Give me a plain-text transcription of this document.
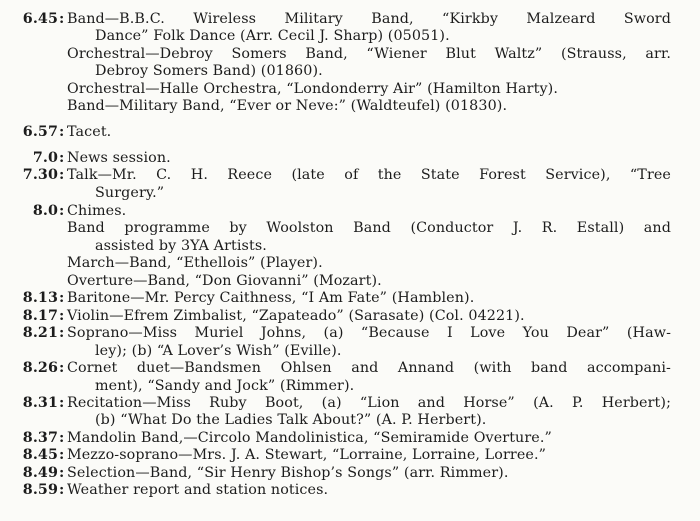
6.45 : Band—B.B.C. Wireless Military Band, “Kirkby Malzeard Sword
Dance” Folk Dance (Arr. Cecil J. Sharp) (05051).
Orchestral—Debroy Somers Band, “Wiener Blut Waltz” (Strauss, arr.
Debroy Somers Band) (01860).
Orchestral—Halle Orchestra, “Londonderry Air” (Hamilton Harty).
Band—Military Band, “Ever or Neve:” (Waldteufel) (01830).
6.57 : Tacet.
7.0 : News session.
7.30 : Talk—Mr. C. H. Reece (late of the State Forest Service), “Tree
Surgery.”
8.0 : Chimes.
Band programme by Woolston Band (Conductor J. R. Estall) and
assisted by 3YA Artists.
March—Band, “Ethellois” (Player).
Overture—Band, “Don Giovanni” (Mozart).
8.13 : Baritone—Mr. Percy Caithness, “I Am Fate” (Hamblen).
8.17 : Violin—Efrem Zimbalist, “Zapateado” (Sarasate) (Col. 04221).
8.21 : Soprano—Miss Muriel Johns, (a) “Because I Love You Dear” (Haw-
ley); (b) “A Lover’s Wish” (Eville).
8.26 : Cornet duet—Bandsmen Ohlsen and Annand (with band accompani-
ment), “Sandy and Jock” (Rimmer).
8.31 : Recitation—Miss Ruby Boot, (a) “Lion and Horse” (A. P. Herbert);
(b) “What Do the Ladies Talk About?” (A. P. Herbert).
8.37 : Mandolin Band,—Circolo Mandolinistica, “Semiramide Overture.”
8.45 : Mezzo-soprano—Mrs. J. A. Stewart, “Lorraine, Lorraine, Lorree.”
8.49 : Selection—Band, “Sir Henry Bishop’s Songs” (arr. Rimmer).
8.59 : Weather report and station notices.
